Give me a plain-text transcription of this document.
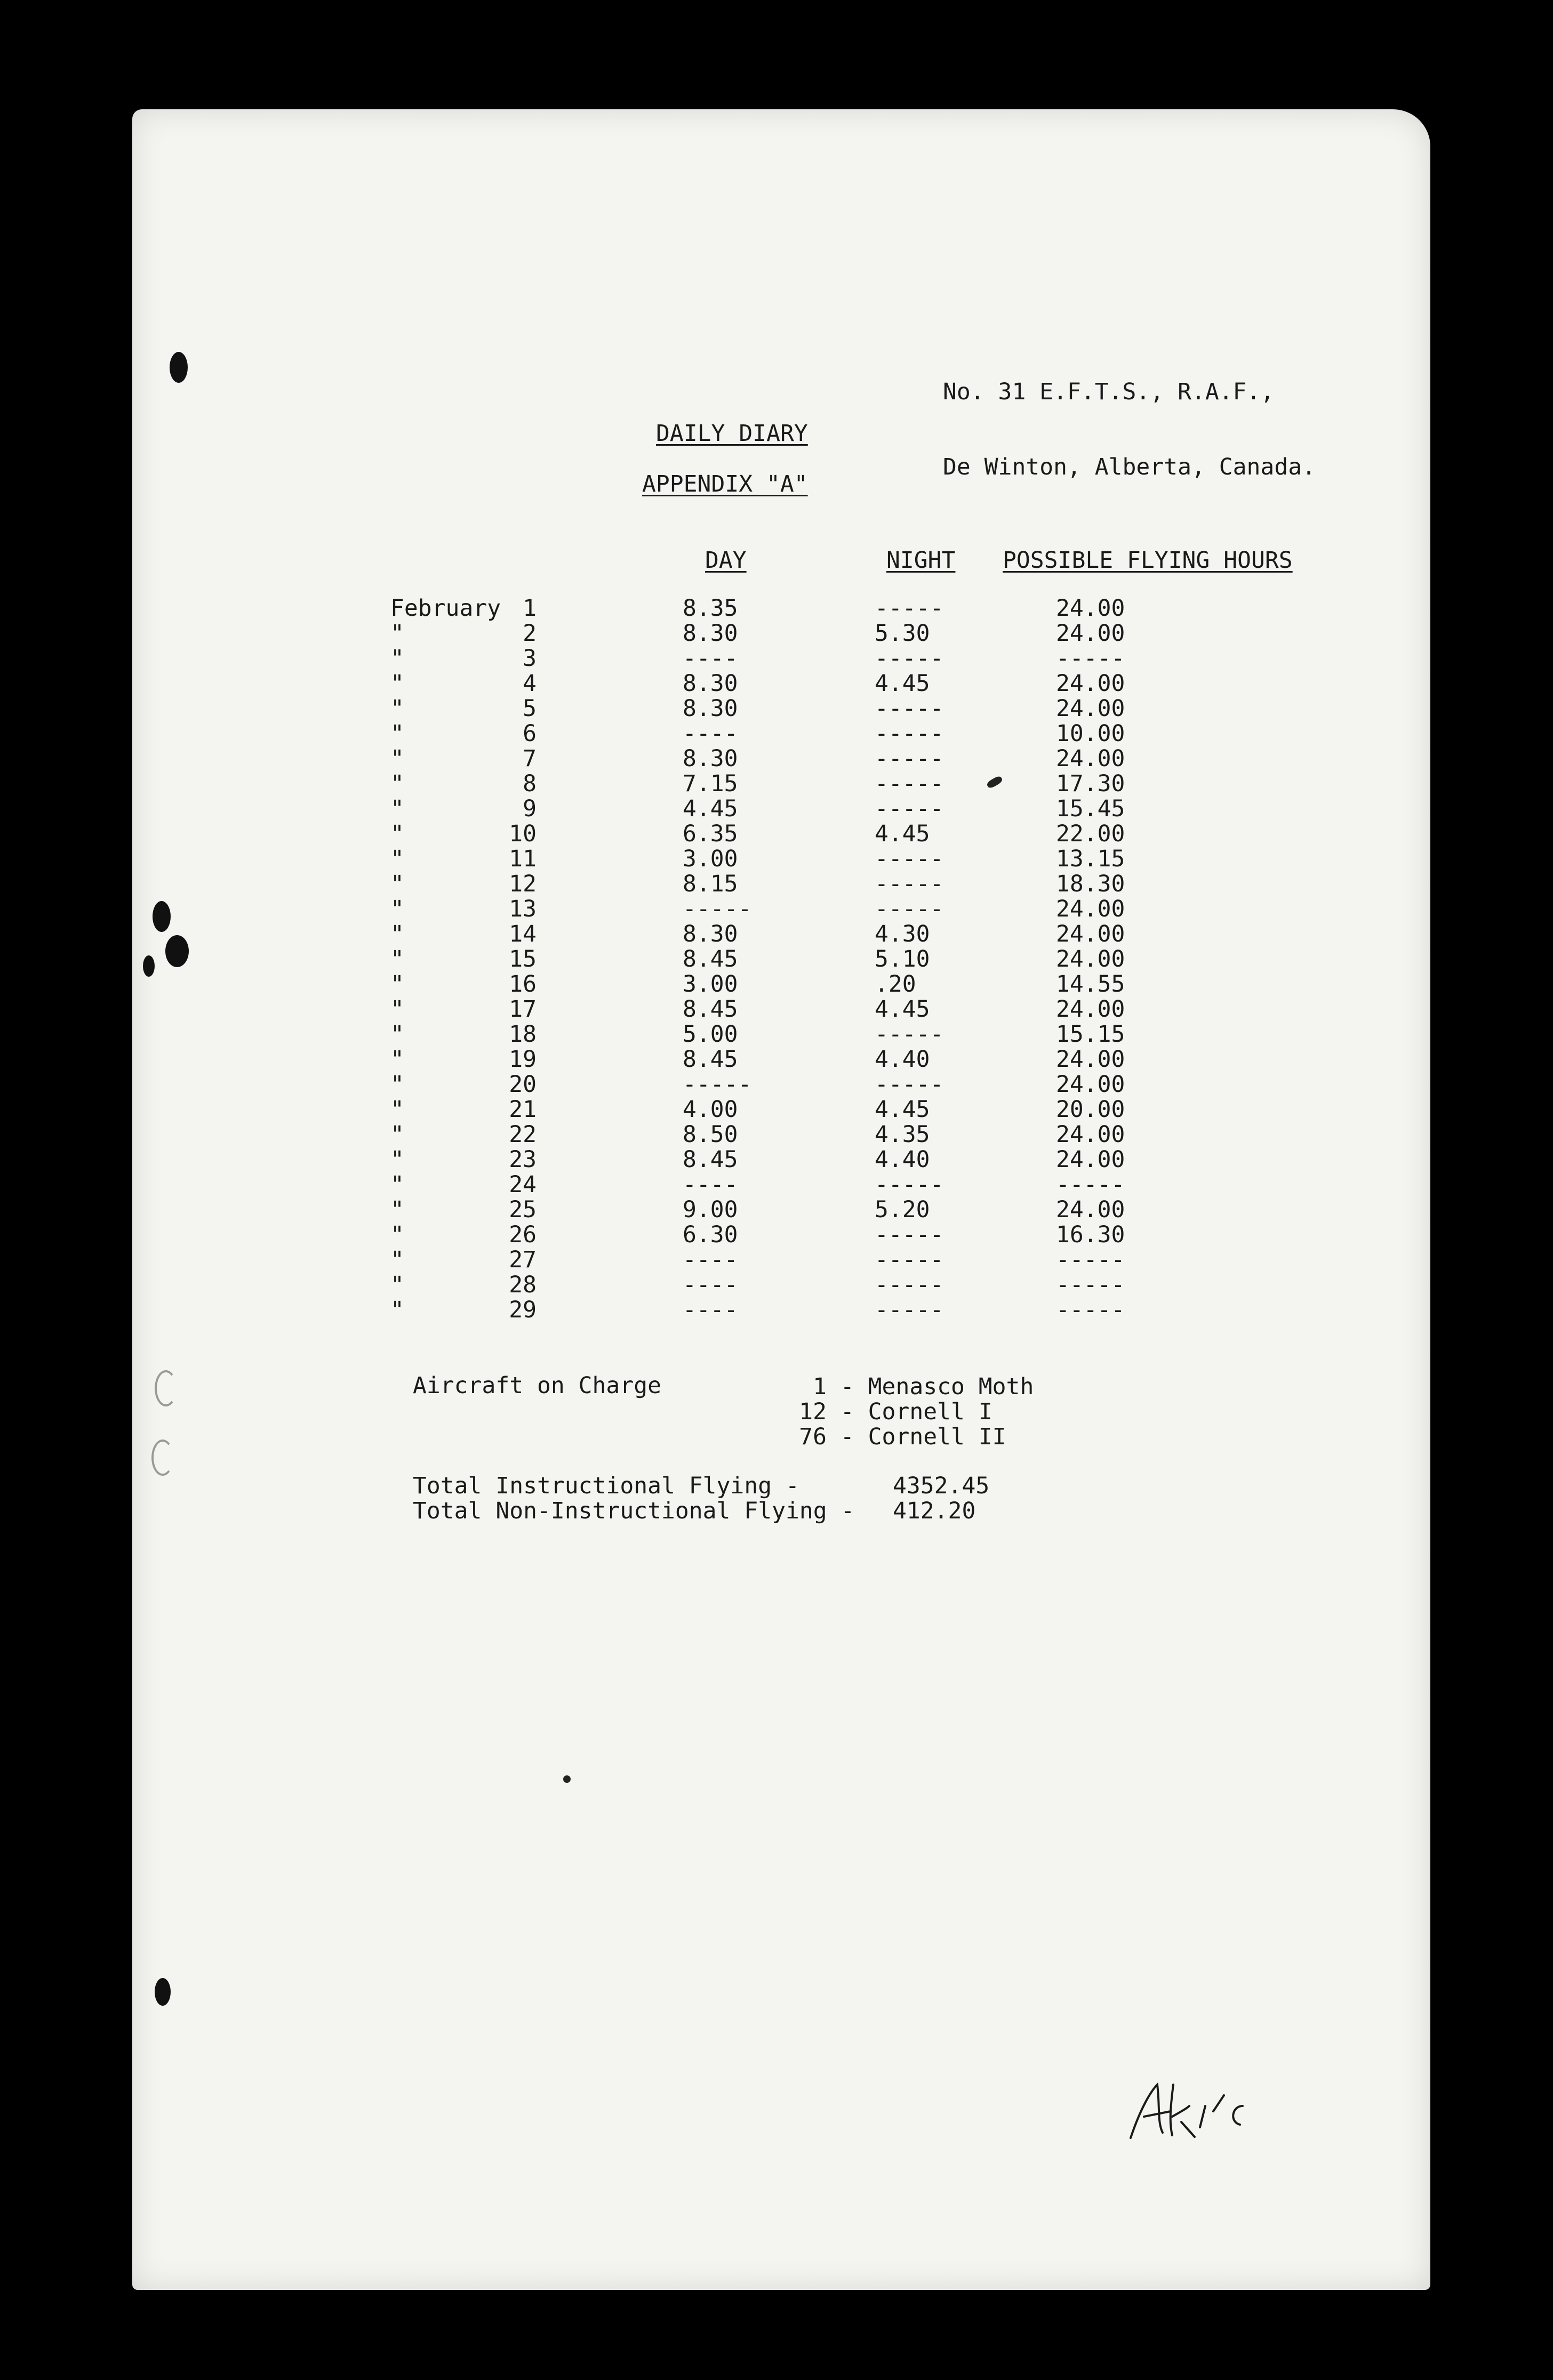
No. 31 E.F.T.S., R.A.F.,

De Winton, Alberta, Canada.

DAILY DIARY
APPENDIX "A"
DAY	NIGHT POSSIBLE FLYING HOURS
February 1	8.35	-----	24.00
"	2	8.30	5.30	24.00
"	3	----	-----	-----
"	4	8.30	4.45	24.00
"	5	8.30	-----	24.00
"	6	----	-----	10.00
"	7	8.30	-----	24.00
"	8	7.15	-----	17.30
"	9	4.45	-----	15.45
"	10	6.35	4.45	22.00
"	11	3.00	-----	13.15
"	12	8.15	-----	18.30
"	13	-----	-----	24.00
"	14	8.30	4.30	24.00
"	15	8.45	5.10	24.00
"	16	3.00	.20	14.55
"	17	8.45	4.45	24.00
"	18	5.00	-----	15.15
"	19	8.45	4.40	24.00
"	20	-----	-----	24.00
"	21	4.00	4.45	20.00
"	22	8.50	4.35	24.00
"	23	8.45	4.40	24.00
"	24	----	-----	-----
"	25	9.00	5.20	24.00
"	26	6.30	-----	16.30
"	27	----	-----	-----
"	28	----	-----	-----
"	29	----	-----	-----
Aircraft on Charge	1 - Menasco Moth
12 - Cornell I
76 - Cornell II
Total Instructional Flying -	4352.45
Total Non-Instructional Flying - 412.20
